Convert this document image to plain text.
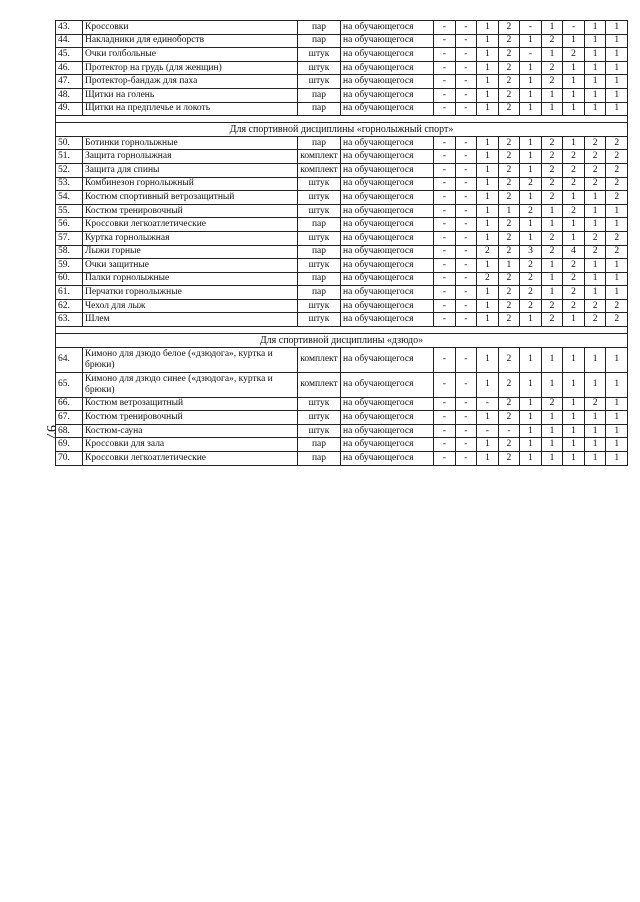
97
43.	Кроссовки	пар	на обучающегося	-	-	1	2	-	1	-	1	1
44.	Накладники для единоборств	пар	на обучающегося	-	-	1	2	1	2	1	1	1
45.	Очки голбольные	штук	на обучающегося	-	-	1	2	-	1	2	1	1
46.	Протектор на грудь (для женщин)	штук	на обучающегося	-	-	1	2	1	2	1	1	1
47.	Протектор-бандаж для паха	штук	на обучающегося	-	-	1	2	1	2	1	1	1
48.	Щитки на голень	пар	на обучающегося	-	-	1	2	1	1	1	1	1
49.	Щитки на предплечье и локоть	пар	на обучающегося	-	-	1	2	1	1	1	1	1

Для спортивной дисциплины «горнолыжный спорт»												
50.	Ботинки горнолыжные	пар	на обучающегося	-	-	1	2	1	2	1	2	2
51.	Защита горнолыжная	комплект	на обучающегося	-	-	1	2	1	2	2	2	2
52.	Защита для спины	комплект	на обучающегося	-	-	1	2	1	2	2	2	2
53.	Комбинезон горнолыжный	штук	на обучающегося	-	-	1	2	2	2	2	2	2
54.	Костюм спортивный ветрозащитный	штук	на обучающегося	-	-	1	2	1	2	1	1	2
55.	Костюм тренировочный	штук	на обучающегося	-	-	1	1	2	1	2	1	1
56.	Кроссовки легкоатлетические	пар	на обучающегося	-	-	1	2	1	1	1	1	1
57.	Куртка горнолыжная	штук	на обучающегося	-	-	1	2	1	2	1	2	2
58.	Лыжи горные	пар	на обучающегося	-	-	2	2	3	2	4	2	2
59.	Очки защитные	штук	на обучающегося	-	-	1	1	2	1	2	1	1
60.	Палки горнолыжные	пар	на обучающегося	-	-	2	2	2	1	2	1	1
61.	Перчатки горнолыжные	пар	на обучающегося	-	-	1	2	2	1	2	1	1
62.	Чехол для лыж	штук	на обучающегося	-	-	1	2	2	2	2	2	2
63.	Шлем	штук	на обучающегося	-	-	1	2	1	2	1	2	2

Для спортивной дисциплины «дзюдо»												
64.	Кимоно для дзюдо белое («дзюдога», куртка и брюки)	комплект	на обучающегося	-	-	1	2	1	1	1	1	1
65.	Кимоно для дзюдо синее («дзюдога», куртка и брюки)	комплект	на обучающегося	-	-	1	2	1	1	1	1	1
66.	Костюм ветрозащитный	штук	на обучающегося	-	-	-	2	1	2	1	2	1
67.	Костюм тренировочный	штук	на обучающегося	-	-	1	2	1	1	1	1	1
68.	Костюм-сауна	штук	на обучающегося	-	-	-	-	1	1	1	1	1
69.	Кроссовки для зала	пар	на обучающегося	-	-	1	2	1	1	1	1	1
70.	Кроссовки легкоатлетические	пар	на обучающегося	-	-	1	2	1	1	1	1	1
